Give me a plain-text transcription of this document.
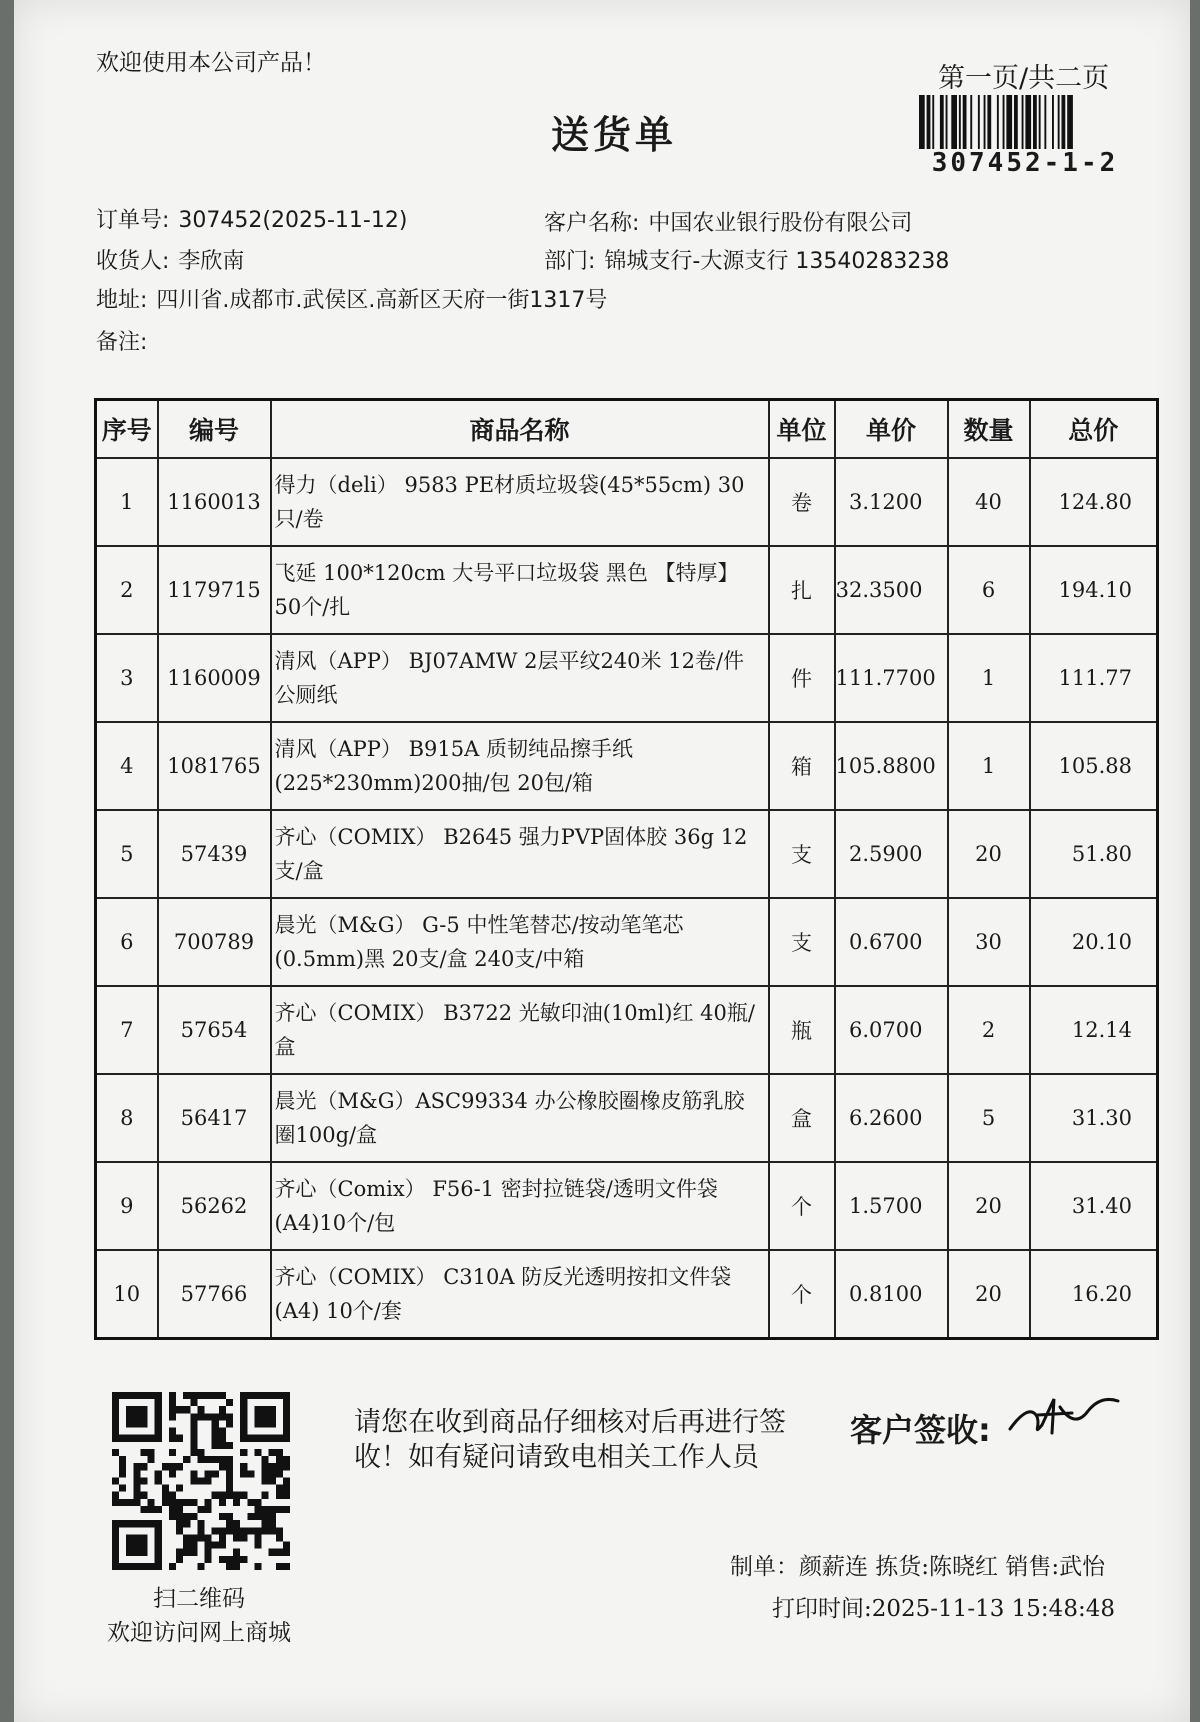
欢迎使用本公司产品！	第一页/共二页
307452-1-2
送货单
订单号: 307452(2025-11-12)	客户名称: 中国农业银行股份有限公司
收货人: 李欣南	部门: 锦城支行-大源支行 13540283238
地址: 四川省.成都市.武侯区.高新区天府一街1317号
备注:
序号	编号	商品名称	单位	单价	数量	总价
1	1160013	得力（deli） 9583 PE材质垃圾袋(45*55cm) 30只/卷	卷	3.1200	40	124.80
2	1179715	飞延 100*120cm 大号平口垃圾袋 黑色 【特厚】 50个/扎	扎	32.3500	6	194.10
3	1160009	清风（APP） BJ07AMW 2层平纹240米 12卷/件 公厕纸	件	111.7700	1	111.77
4	1081765	清风（APP） B915A 质韧纯品擦手纸 (225*230mm)200抽/包 20包/箱	箱	105.8800	1	105.88
5	57439	齐心（COMIX） B2645 强力PVP固体胶 36g 12支/盒	支	2.5900	20	51.80
6	700789	晨光（M&G） G-5 中性笔替芯/按动笔笔芯 (0.5mm)黑 20支/盒 240支/中箱	支	0.6700	30	20.10
7	57654	齐心（COMIX） B3722 光敏印油(10ml)红 40瓶/盒	瓶	6.0700	2	12.14
8	56417	晨光（M&G）ASC99334 办公橡胶圈橡皮筋乳胶圈100g/盒	盒	6.2600	5	31.30
9	56262	齐心（Comix） F56-1 密封拉链袋/透明文件袋 (A4)10个/包	个	1.5700	20	31.40
10	57766	齐心（COMIX） C310A 防反光透明按扣文件袋 (A4) 10个/套	个	0.8100	20	16.20
扫二维码
欢迎访问网上商城
请您在收到商品仔细核对后再进行签收！如有疑问请致电相关工作人员
客户签收:
制单：颜薪连 拣货:陈晓红 销售:武怡
打印时间:2025-11-13 15:48:48
